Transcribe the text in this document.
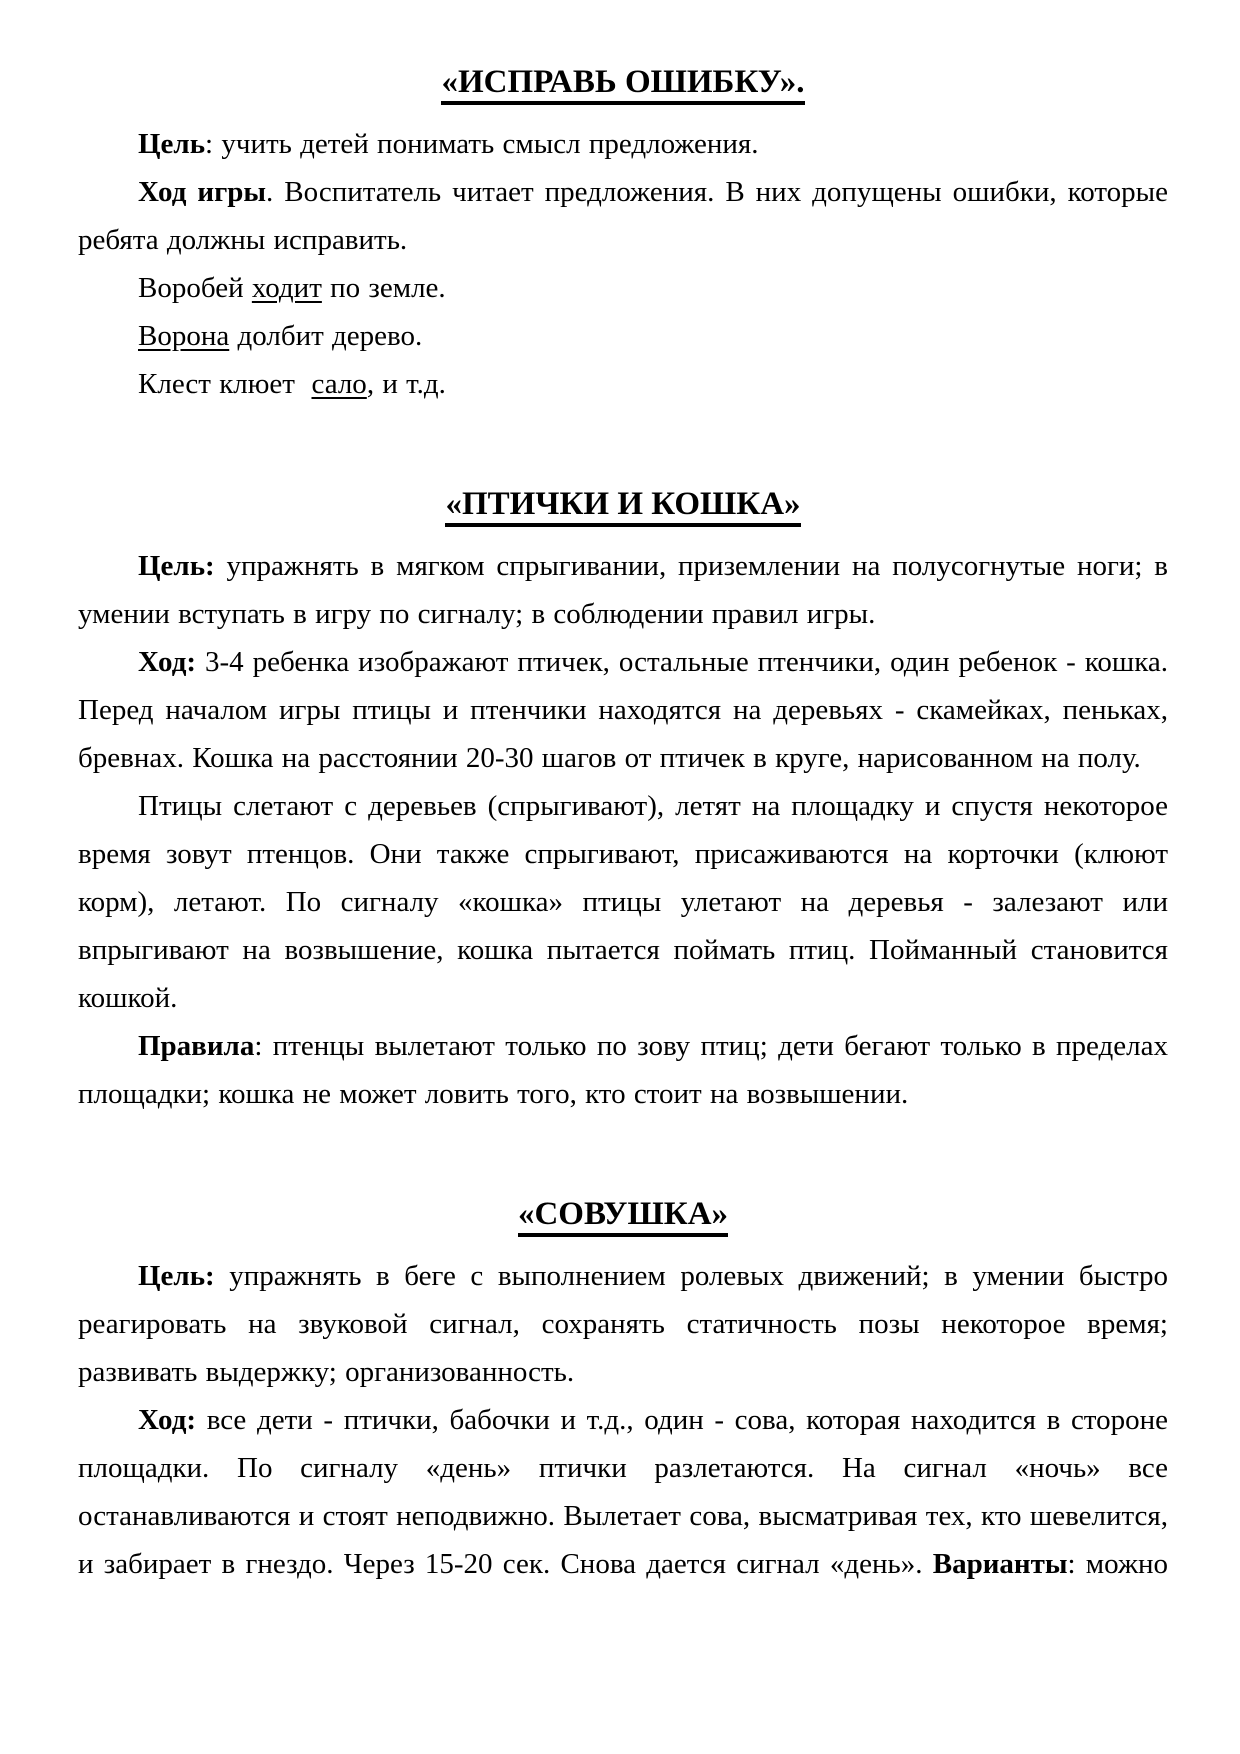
«ИСПРАВЬ ОШИБКУ».

Цель: учить детей понимать смысл предложения.

Ход игры. Воспитатель читает предложения. В них допущены ошибки, которые ребята должны исправить.

Воробей ходит по земле.

Ворона долбит дерево.

Клест клюет  сало, и т.д.

«ПТИЧКИ И КОШКА»

Цель: упражнять в мягком спрыгивании, приземлении на полусогнутые ноги; в умении вступать в игру по сигналу; в соблюдении правил игры.

Ход: 3-4 ребенка изображают птичек, остальные птенчики, один ребенок - кошка. Перед началом игры птицы и птенчики находятся на деревьях - скамейках, пеньках, бревнах. Кошка на расстоянии 20-30 шагов от птичек в круге, нарисованном на полу.

Птицы слетают с деревьев (спрыгивают), летят на площадку и спустя некоторое время зовут птенцов. Они также спрыгивают, присаживаются на корточки (клюют корм), летают. По сигналу «кошка» птицы улетают на деревья - залезают или впрыгивают на возвышение, кошка пытается поймать птиц. Пойманный становится кошкой.

Правила: птенцы вылетают только по зову птиц; дети бегают только в пределах площадки; кошка не может ловить того, кто стоит на возвышении.

«СОВУШКА»

Цель: упражнять в беге с выполнением ролевых движений; в умении быстро реагировать на звуковой сигнал, сохранять статичность позы некоторое время; развивать выдержку; организованность.

Ход: все дети - птички, бабочки и т.д., один - сова, которая находится в стороне площадки. По сигналу «день» птички разлетаются. На сигнал «ночь» все останавливаются и стоят неподвижно. Вылетает сова, высматривая тех, кто шевелится, и забирает в гнездо. Через 15-20 сек. Снова дается сигнал «день». Варианты: можно
